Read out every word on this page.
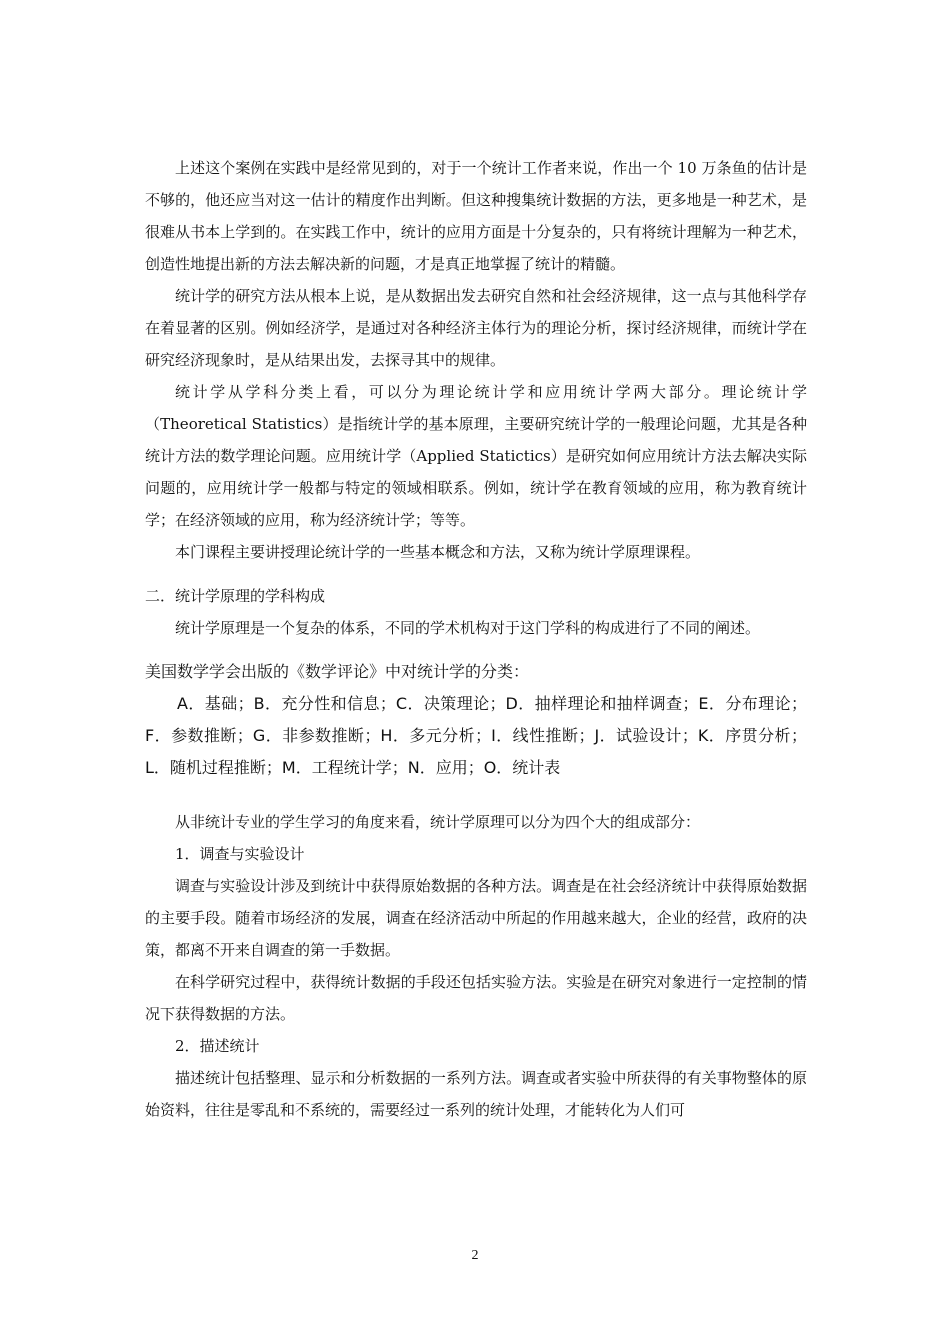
上述这个案例在实践中是经常见到的，对于一个统计工作者来说，作出一个 10 万条鱼的估计是不够的，他还应当对这一估计的精度作出判断。但这种搜集统计数据的方法，更多地是一种艺术，是很难从书本上学到的。在实践工作中，统计的应用方面是十分复杂的，只有将统计理解为一种艺术，创造性地提出新的方法去解决新的问题，才是真正地掌握了统计的精髓。

统计学的研究方法从根本上说，是从数据出发去研究自然和社会经济规律，这一点与其他科学存在着显著的区别。例如经济学，是通过对各种经济主体行为的理论分析，探讨经济规律，而统计学在研究经济现象时，是从结果出发，去探寻其中的规律。

统计学从学科分类上看，可以分为理论统计学和应用统计学两大部分。理论统计学（Theoretical Statistics）是指统计学的基本原理，主要研究统计学的一般理论问题，尤其是各种统计方法的数学理论问题。应用统计学（Applied Statictics）是研究如何应用统计方法去解决实际问题的，应用统计学一般都与特定的领域相联系。例如，统计学在教育领域的应用，称为教育统计学；在经济领域的应用，称为经济统计学；等等。

本门课程主要讲授理论统计学的一些基本概念和方法，又称为统计学原理课程。

二．统计学原理的学科构成

统计学原理是一个复杂的体系，不同的学术机构对于这门学科的构成进行了不同的阐述。

美国数学学会出版的《数学评论》中对统计学的分类：

A．基础；B．充分性和信息；C．决策理论；D．抽样理论和抽样调查；E．分布理论；F．参数推断；G．非参数推断；H．多元分析；I．线性推断；J．试验设计；K．序贯分析；L．随机过程推断；M．工程统计学；N．应用；O．统计表

从非统计专业的学生学习的角度来看，统计学原理可以分为四个大的组成部分：

1．调查与实验设计

调查与实验设计涉及到统计中获得原始数据的各种方法。调查是在社会经济统计中获得原始数据的主要手段。随着市场经济的发展，调查在经济活动中所起的作用越来越大，企业的经营，政府的决策，都离不开来自调查的第一手数据。

在科学研究过程中，获得统计数据的手段还包括实验方法。实验是在研究对象进行一定控制的情况下获得数据的方法。

2．描述统计

描述统计包括整理、显示和分析数据的一系列方法。调查或者实验中所获得的有关事物整体的原始资料，往往是零乱和不系统的，需要经过一系列的统计处理，才能转化为人们可

2
